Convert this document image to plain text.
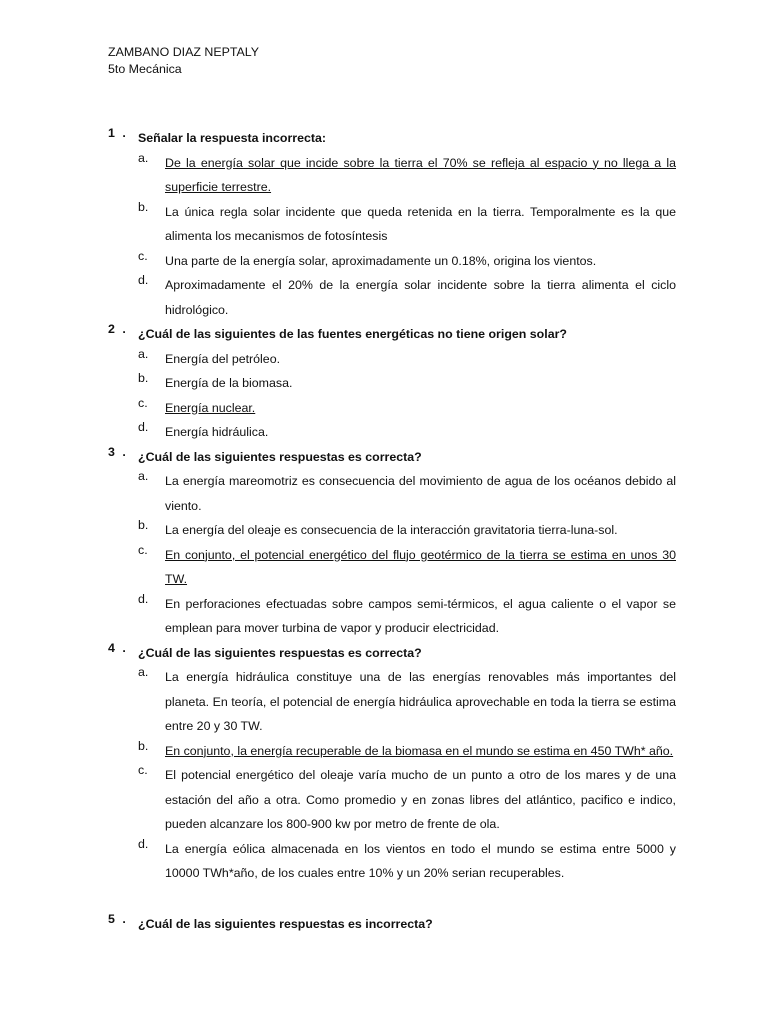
ZAMBANO DIAZ NEPTALY
5to Mecánica
1 . Señalar la respuesta incorrecta:
a.	De la energía solar que incide sobre la tierra el 70% se refleja al espacio y no llega a la superficie terrestre.
b.	La única regla solar incidente que queda retenida en la tierra. Temporalmente es la que alimenta los mecanismos de fotosíntesis
c.	Una parte de la energía solar, aproximadamente un 0.18%, origina los vientos.
d.	Aproximadamente el 20% de la energía solar incidente sobre la tierra alimenta el ciclo hidrológico.
2 . ¿Cuál de las siguientes de las fuentes energéticas no tiene origen solar?
a.	Energía del petróleo.
b.	Energía de la biomasa.
c.	Energía nuclear.
d.	Energía hidráulica.
3 . ¿Cuál de las siguientes respuestas es correcta?
a.	La energía mareomotriz es consecuencia del movimiento de agua de los océanos debido al viento.
b.	La energía del oleaje es consecuencia de la interacción gravitatoria tierra-luna-sol.
c.	En conjunto, el potencial energético del flujo geotérmico de la tierra se estima en unos 30 TW.
d.	En perforaciones efectuadas sobre campos semi-térmicos, el agua caliente o el vapor se emplean para mover turbina de vapor y producir electricidad.
4 . ¿Cuál de las siguientes respuestas es correcta?
a.	La energía hidráulica constituye una de las energías renovables más importantes del planeta. En teoría, el potencial de energía hidráulica aprovechable en toda la tierra se estima entre 20 y 30 TW.
b.	En conjunto, la energía recuperable de la biomasa en el mundo se estima en 450 TWh* año.
c.	El potencial energético del oleaje varía mucho de un punto a otro de los mares y de una estación del año a otra. Como promedio y en zonas libres del atlántico, pacifico e indico, pueden alcanzare los 800-900 kw por metro de frente de ola.
d.	La energía eólica almacenada en los vientos en todo el mundo se estima entre 5000 y 10000 TWh*año, de los cuales entre 10% y un 20% serian recuperables.
5 . ¿Cuál de las siguientes respuestas es incorrecta?
